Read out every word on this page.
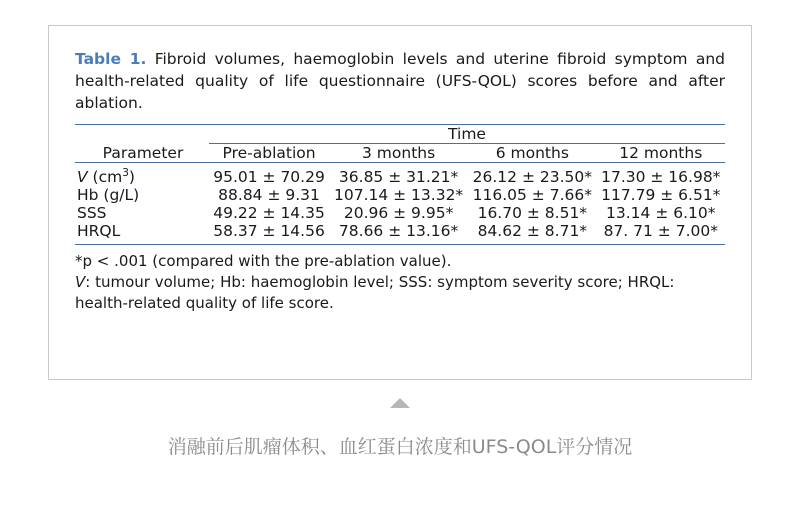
Table 1. Fibroid volumes, haemoglobin levels and uterine fibroid symptom and health-related quality of life questionnaire (UFS-QOL) scores before and after ablation.

	Time			

Parameter	Pre-ablation	3 months	6 months	12 months

V $(cm^3)$	95.01 ± 70.29	36.85 ± 31.21*	26.12 ± 23.50*	17.30 ± 16.98*
Hb (g/L)	88.84 ± 9.31	107.14 ± 13.32*	116.05 ± 7.66*	117.79 ± 6.51*
SSS	49.22 ± 14.35	20.96 ± 9.95*	16.70 ± 8.51*	13.14 ± 6.10*
HRQL	58.37 ± 14.56	78.66 ± 13.16*	84.62 ± 8.71*	87. 71 ± 7.00*

*p < .001 (compared with the pre-ablation value).

V: tumour volume; Hb: haemoglobin level; SSS: symptom severity score; HRQL: health-related quality of life score.

消融前后肌瘤体积、血红蛋白浓度和UFS-QOL评分情况
